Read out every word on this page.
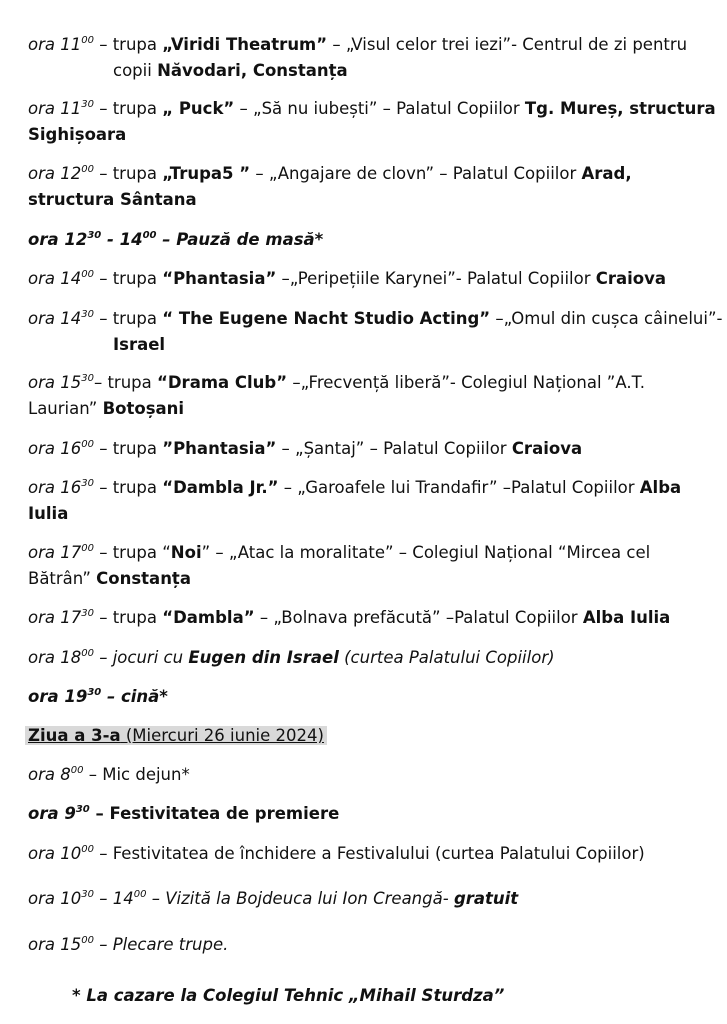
ora $11^{00}$ – trupa „Viridi Theatrum” – „Visul celor trei iezi”- Centrul de zi pentru
copii Năvodari, Constanța
ora $11^{30}$ – trupa „ Puck” – „Să nu iubești” – Palatul Copiilor Tg. Mureș, structura
Sighișoara
ora $12^{00}$ – trupa „Trupa5 ” – „Angajare de clovn” – Palatul Copiilor Arad,
structura Sântana
ora $12^{30} - 14^{00}$ – Pauză de masă*
ora $14^{00}$ – trupa “Phantasia” –„Peripețiile Karynei”- Palatul Copiilor Craiova
ora $14^{30}$ – trupa “ The Eugene Nacht Studio Acting” –„Omul din cușca câinelui”-
Israel
ora $15^{30}-$ trupa “Drama Club” –„Frecvență liberă”- Colegiul Național ”A.T.
Laurian” Botoșani
ora $16^{00}$ – trupa ”Phantasia” – „Șantaj” – Palatul Copiilor Craiova
ora $16^{30}$ – trupa “Dambla Jr.” – „Garoafele lui Trandafir” –Palatul Copiilor Alba
Iulia
ora $17^{00}$ – trupa “Noi” – „Atac la moralitate” – Colegiul Național “Mircea cel
Bătrân” Constanța
ora $17^{30}$ – trupa “Dambla” – „Bolnava prefăcută” –Palatul Copiilor Alba Iulia
ora $18^{00}$ – jocuri cu Eugen din Israel (curtea Palatului Copiilor)
ora $19^{30}$ – cină*
Ziua a 3-a (Miercuri 26 iunie 2024)
ora $8^{00}$ – Mic dejun*
ora $9^{30}$ – Festivitatea de premiere
ora $10^{00}$ – Festivitatea de închidere a Festivalului (curtea Palatului Copiilor)
ora $10^{30} - 14^{00}$ – Vizită la Bojdeuca lui Ion Creangă- gratuit
ora $15^{00}$ – Plecare trupe.
* La cazare la Colegiul Tehnic „Mihail Sturdza”
